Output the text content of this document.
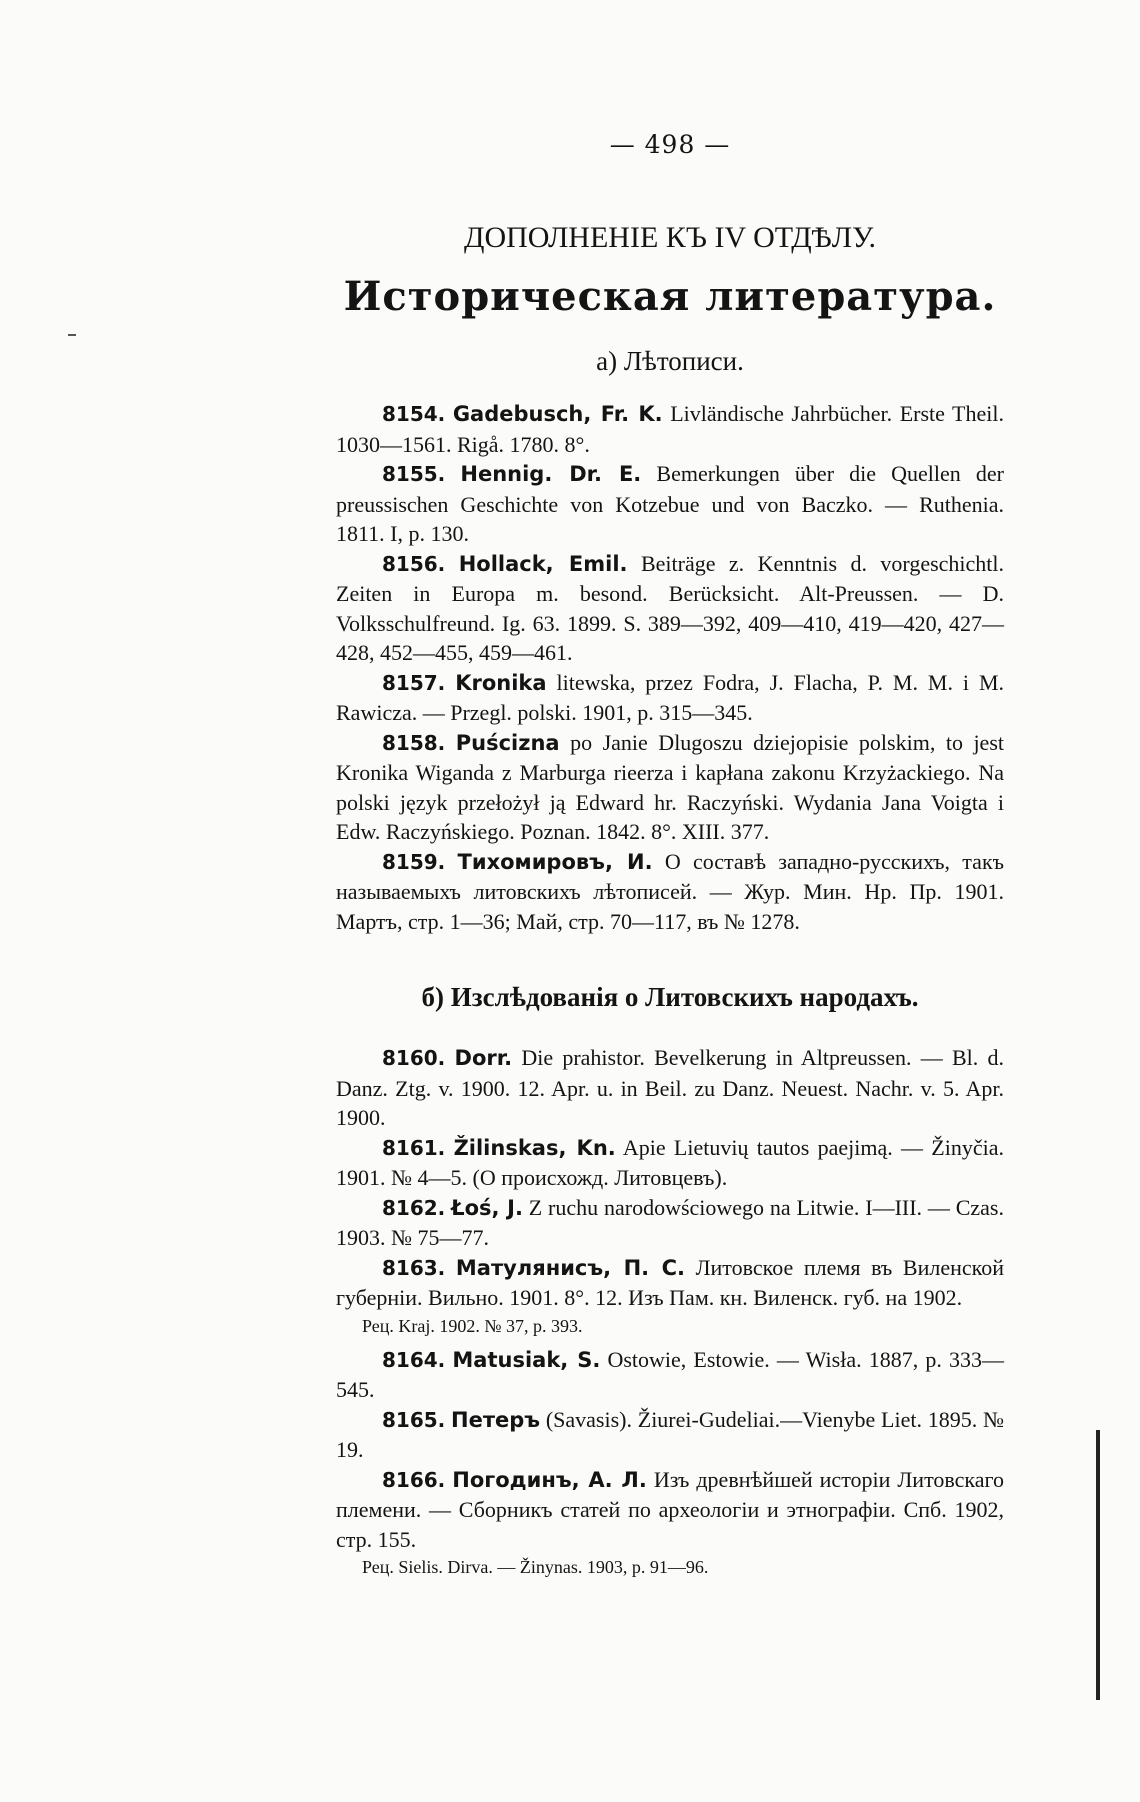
— 498 —
ДОПОЛНЕНІЕ КЪ IV ОТДѢЛУ.
Историческая литература.
а) Лѣтописи.

8154. Gadebusch, Fr. K. Livländische Jahrbücher. Erste Theil. 1030—1561. Rigå. 1780. 8°.

8155. Hennig. Dr. E. Bemerkungen über die Quellen der preussischen Geschichte von Kotzebue und von Baczko. — Ruthenia. 1811. I, p. 130.

8156. Hollack, Emil. Beiträge z. Kenntnis d. vorgeschichtl. Zeiten in Europa m. besond. Berücksicht. Alt-Preussen. — D. Volksschulfreund. Ig. 63. 1899. S. 389—392, 409—410, 419—420, 427—428, 452—455, 459—461.

8157. Kronika litewska, przez Fodra, J. Flacha, P. M. M. i M. Rawicza. — Przegl. polski. 1901, p. 315—345.

8158. Puścizna po Janie Dlugoszu dziejopisie polskim, to jest Kronika Wiganda z Marburga rieerza i kapłana zakonu Krzyżackiego. Na polski język przełożył ją Edward hr. Raczyński. Wydania Jana Voigta i Edw. Raczyńskiego. Poznan. 1842. 8°. XIII. 377.

8159. Тихомировъ, И. О составѣ западно-русскихъ, такъ называемыхъ литовскихъ лѣтописей. — Жур. Мин. Нр. Пр. 1901. Мартъ, стр. 1—36; Май, стр. 70—117, въ № 1278.

б) Изслѣдованія о Литовскихъ народахъ.

8160. Dorr. Die prahistor. Bevelkerung in Altpreussen. — Bl. d. Danz. Ztg. v. 1900. 12. Apr. u. in Beil. zu Danz. Neuest. Nachr. v. 5. Apr. 1900.

8161. Žilinskas, Kn. Apie Lietuvių tautos paejimą. — Žinyčia. 1901. № 4—5. (О происхожд. Литовцевъ).

8162. Łoś, J. Z ruchu narodowściowego na Litwie. I—III. — Czas. 1903. № 75—77.

8163. Матулянисъ, П. С. Литовское племя въ Виленской губерніи. Вильно. 1901. 8°. 12. Изъ Пам. кн. Виленск. губ. на 1902.

Рец. Kraj. 1902. № 37, p. 393.

8164. Matusiak, S. Ostowie, Estowie. — Wisła. 1887, p. 333—545.

8165. Петеръ (Savasis). Žiurei-Gudeliai.—Vienybe Liet. 1895. № 19.

8166. Погодинъ, А. Л. Изъ древнѣйшей исторіи Литовскаго племени. — Сборникъ статей по археологіи и этнографіи. Спб. 1902, стр. 155.

Рец. Sielis. Dirva. — Žinynas. 1903, p. 91—96.
